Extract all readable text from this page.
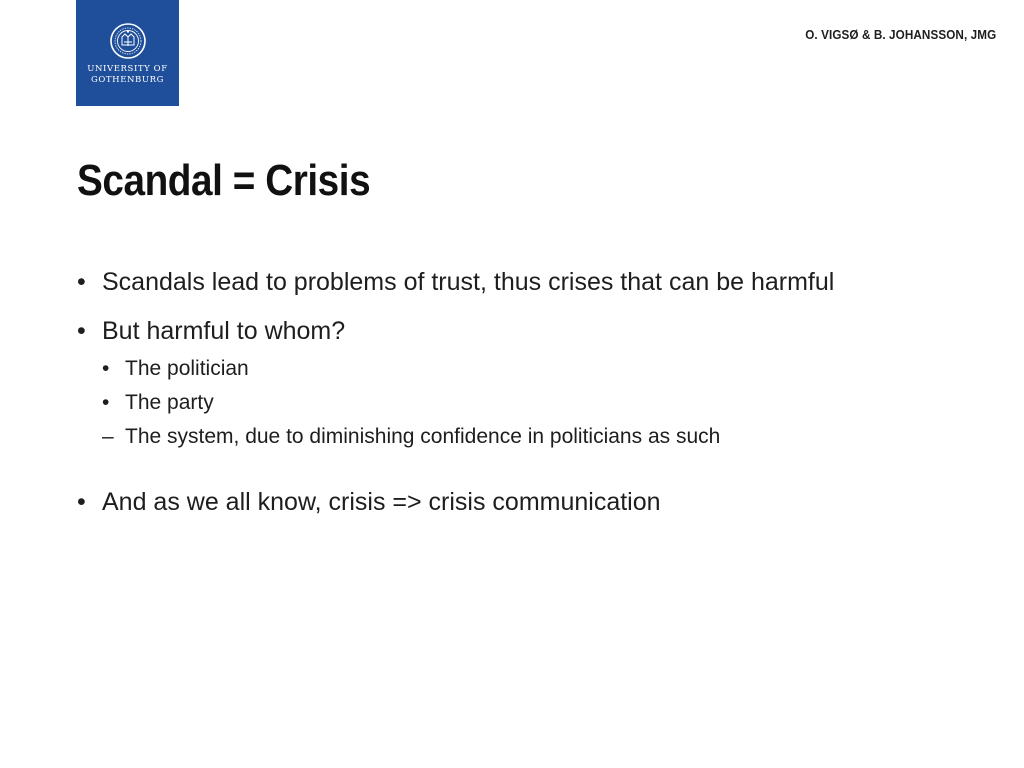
UNIVERSITY OF
GOTHENBURG
O. VIGSØ & B. JOHANSSON, JMG
Scandal = Crisis
• Scandals lead to problems of trust, thus crises that can be harmful
• But harmful to whom?
• The politician
• The party
– The system, due to diminishing confidence in politicians as such
• And as we all know, crisis => crisis communication
